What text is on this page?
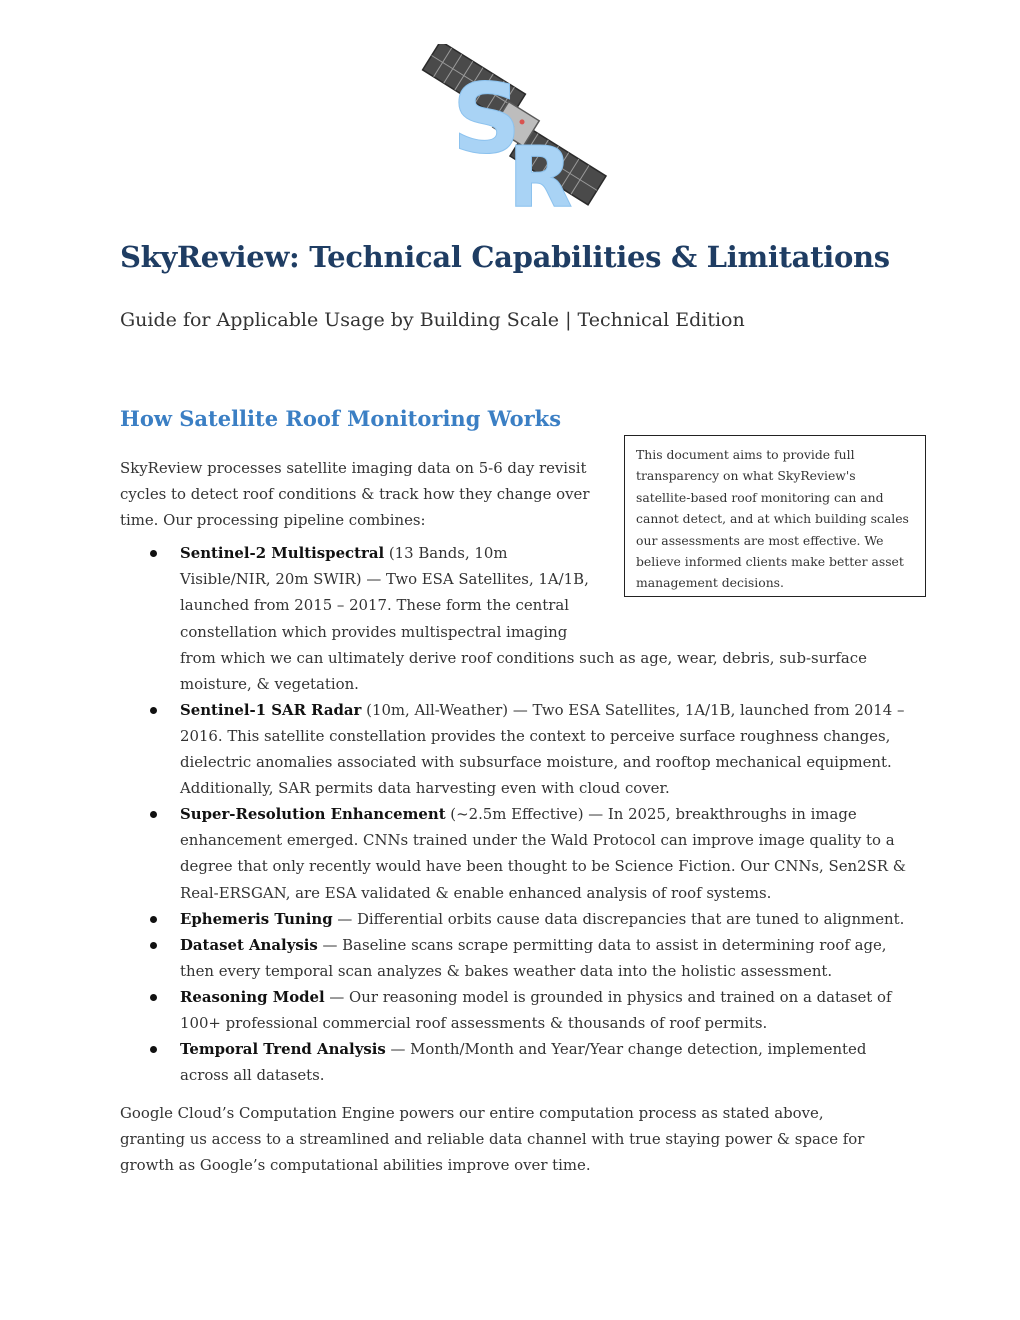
S
R
SkyReview: Technical Capabilities & Limitations

Guide for Applicable Usage by Building Scale | Technical Edition

How Satellite Roof Monitoring Works
This document aims to provide full
transparency on what SkyReview's
satellite-based roof monitoring can and
cannot detect, and at which building scales
our assessments are most effective. We
believe informed clients make better asset
management decisions.

SkyReview processes satellite imaging data on 5-6 day revisit
cycles to detect roof conditions & track how they change over
time. Our processing pipeline combines:

Sentinel-2 Multispectral (13 Bands, 10m Visible/NIR, 20m SWIR) — Two ESA Satellites, 1A/1B, launched from 2015 – 2017. These form the central constellation which provides multispectral imaging from which we can ultimately derive roof conditions such as age, wear, debris, sub-surface moisture, & vegetation.
Sentinel-1 SAR Radar (10m, All-Weather) — Two ESA Satellites, 1A/1B, launched from 2014 – 2016. This satellite constellation provides the context to perceive surface roughness changes, dielectric anomalies associated with subsurface moisture, and rooftop mechanical equipment. Additionally, SAR permits data harvesting even with cloud cover.
Super-Resolution Enhancement (~2.5m Effective) — In 2025, breakthroughs in image enhancement emerged. CNNs trained under the Wald Protocol can improve image quality to a degree that only recently would have been thought to be Science Fiction. Our CNNs, Sen2SR & Real-ERSGAN, are ESA validated & enable enhanced analysis of roof systems.
Ephemeris Tuning — Differential orbits cause data discrepancies that are tuned to alignment.
Dataset Analysis — Baseline scans scrape permitting data to assist in determining roof age, then every temporal scan analyzes & bakes weather data into the holistic assessment.
Reasoning Model — Our reasoning model is grounded in physics and trained on a dataset of 100+ professional commercial roof assessments & thousands of roof permits.
Temporal Trend Analysis — Month/Month and Year/Year change detection, implemented across all datasets.

Google Cloud’s Computation Engine powers our entire computation process as stated above, granting us access to a streamlined and reliable data channel with true staying power & space for growth as Google’s computational abilities improve over time.
